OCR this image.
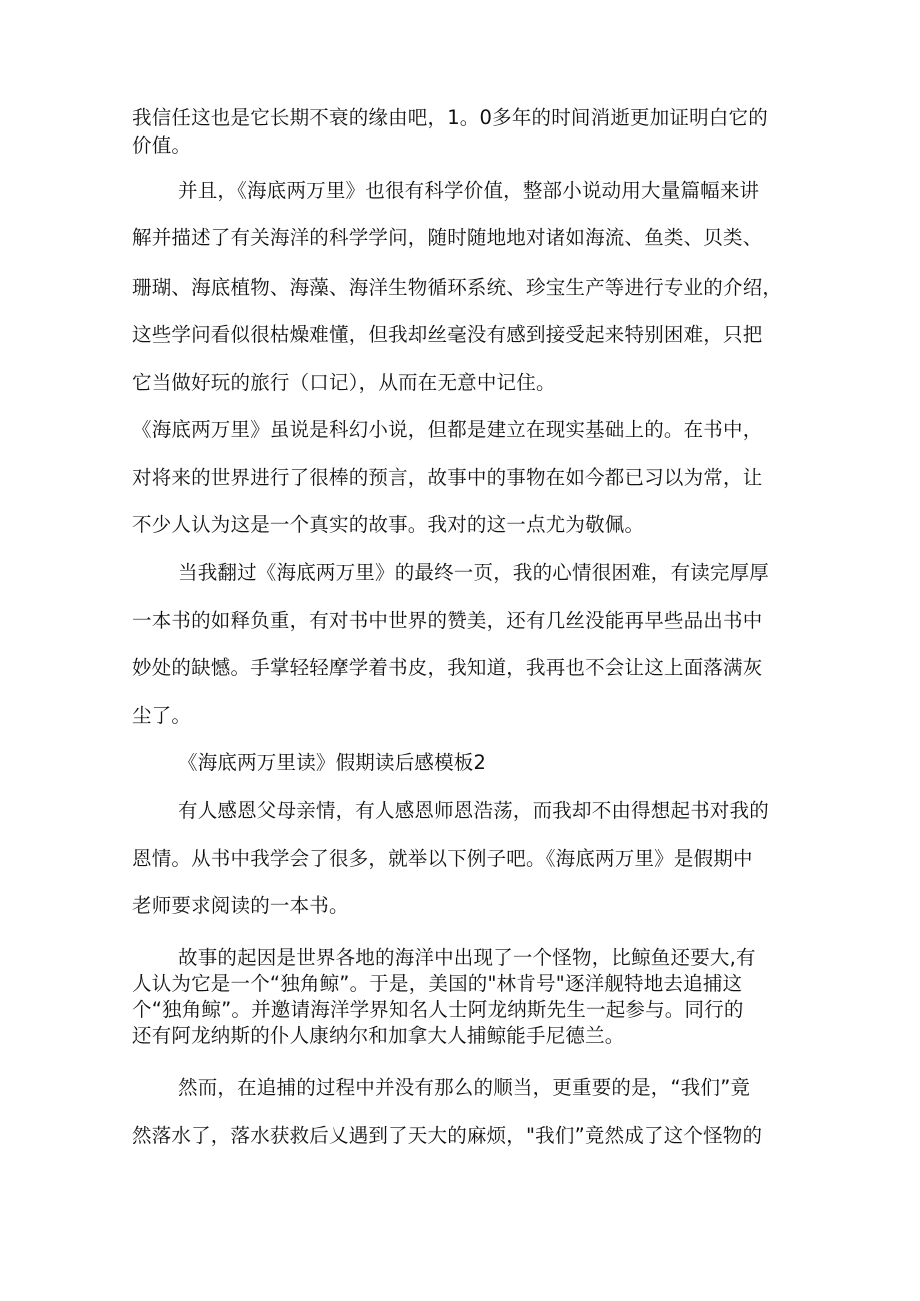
我信任这也是它长期不衰的缘由吧，1。0多年的时间消逝更加证明白它的
价值。
并且，《海底两万里》也很有科学价值，整部小说动用大量篇幅来讲
解并描述了有关海洋的科学学问，随时随地地对诸如海流、鱼类、贝类、
珊瑚、海底植物、海藻、海洋生物循环系统、珍宝生产等进行专业的介绍，
这些学问看似很枯燥难懂，但我却丝毫没有感到接受起来特别困难，只把
它当做好玩的旅行（口记），从而在无意中记住。
《海底两万里》虽说是科幻小说，但都是建立在现实基础上的。在书中，
对将来的世界进行了很棒的预言，故事中的事物在如今都已习以为常，让
不少人认为这是一个真实的故事。我对的这一点尤为敬佩。
当我翻过《海底两万里》的最终一页，我的心情很困难，有读完厚厚
一本书的如释负重，有对书中世界的赞美，还有几丝没能再早些品出书中
妙处的缺憾。手掌轻轻摩学着书皮，我知道，我再也不会让这上面落满灰
尘了。
《海底两万里读》假期读后感模板2
有人感恩父母亲情，有人感恩师恩浩荡，而我却不由得想起书对我的
恩情。从书中我学会了很多，就举以下例子吧。《海底两万里》是假期中
老师要求阅读的一本书。
故事的起因是世界各地的海洋中出现了一个怪物，比鲸鱼还要大,有
人认为它是一个“独角鲸”。于是，美国的"林肯号"逐洋舰特地去追捕这
个“独角鲸”。并邀请海洋学界知名人士阿龙纳斯先生一起参与。同行的
还有阿龙纳斯的仆人康纳尔和加拿大人捕鲸能手尼德兰。
然而，在追捕的过程中并没有那么的顺当，更重要的是，“我们”竟
然落水了，落水获救后乂遇到了天大的麻烦，"我们”竟然成了这个怪物的
